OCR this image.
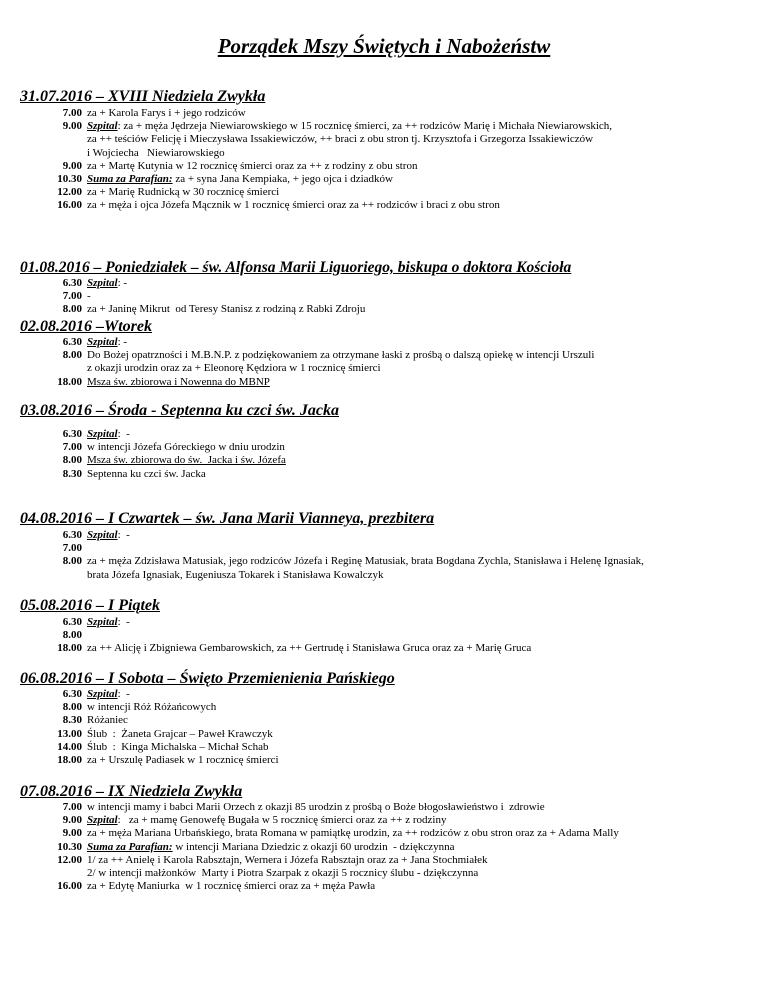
Porządek Mszy Świętych i Nabożeństw
31.07.2016 – XVIII Niedziela Zwykła
7.00 za + Karola Farys i + jego rodziców
9.00 Szpital: za + męża Jędrzeja Niewiarowskiego w 15 rocznicę śmierci, za ++ rodziców Marię i Michała Niewiarowskich,
za ++ teściów Felicję i Mieczysława Issakiewiczów, ++ braci z obu stron tj. Krzysztofa i Grzegorza Issakiewiczów
i Wojciecha   Niewiarowskiego
9.00 za + Martę Kutynia w 12 rocznicę śmierci oraz za ++ z rodziny z obu stron
10.30 Suma za Parafian: za + syna Jana Kempiaka, + jego ojca i dziadków
12.00 za + Marię Rudnicką w 30 rocznicę śmierci
16.00 za + męża i ojca Józefa Mącznik w 1 rocznicę śmierci oraz za ++ rodziców i braci z obu stron
01.08.2016 – Poniedziałek – św. Alfonsa Marii Liguoriego, biskupa o doktora Kościoła
6.30 Szpital: -
7.00 -
8.00 za + Janinę Mikrut  od Teresy Stanisz z rodziną z Rabki Zdroju
02.08.2016 –Wtorek
6.30 Szpital: -
8.00 Do Bożej opatrzności i M.B.N.P. z podziękowaniem za otrzymane łaski z prośbą o dalszą opiekę w intencji Urszuli
z okazji urodzin oraz za + Eleonorę Kędziora w 1 rocznicę śmierci
18.00 Msza św. zbiorowa i Nowenna do MBNP
03.08.2016 – Środa - Septenna ku czci św. Jacka
6.30 Szpital:  -
7.00 w intencji Józefa Góreckiego w dniu urodzin
8.00 Msza św. zbiorowa do św.  Jacka i św. Józefa
8.30 Septenna ku czci św. Jacka
04.08.2016 – I Czwartek – św. Jana Marii Vianneya, prezbitera
6.30 Szpital:  -
7.00
8.00 za + męża Zdzisława Matusiak, jego rodziców Józefa i Reginę Matusiak, brata Bogdana Zychla, Stanisława i Helenę Ignasiak,
brata Józefa Ignasiak, Eugeniusza Tokarek i Stanisława Kowalczyk
05.08.2016 – I Piątek
6.30 Szpital:  -
8.00
18.00 za ++ Alicję i Zbigniewa Gembarowskich, za ++ Gertrudę i Stanisława Gruca oraz za + Marię Gruca
06.08.2016 – I Sobota – Święto Przemienienia Pańskiego
6.30 Szpital:  -
8.00 w intencji Róż Różańcowych
8.30 Różaniec
13.00 Ślub  :  Żaneta Grajcar – Paweł Krawczyk
14.00 Ślub  :  Kinga Michalska – Michał Schab
18.00 za + Urszulę Padiasek w 1 rocznicę śmierci
07.08.2016 – IX Niedziela Zwykła
7.00 w intencji mamy i babci Marii Orzech z okazji 85 urodzin z prośbą o Boże błogosławieństwo i  zdrowie
9.00 Szpital:   za + mamę Genowefę Bugała w 5 rocznicę śmierci oraz za ++ z rodziny
9.00 za + męża Mariana Urbańskiego, brata Romana w pamiątkę urodzin, za ++ rodziców z obu stron oraz za + Adama Mally
10.30 Suma za Parafian: w intencji Mariana Dziedzic z okazji 60 urodzin  - dziękczynna
12.00 1/ za ++ Anielę i Karola Rabsztajn, Wernera i Józefa Rabsztajn oraz za + Jana Stochmiałek
2/ w intencji małżonków  Marty i Piotra Szarpak z okazji 5 rocznicy ślubu - dziękczynna
16.00 za + Edytę Maniurka  w 1 rocznicę śmierci oraz za + męża Pawła
